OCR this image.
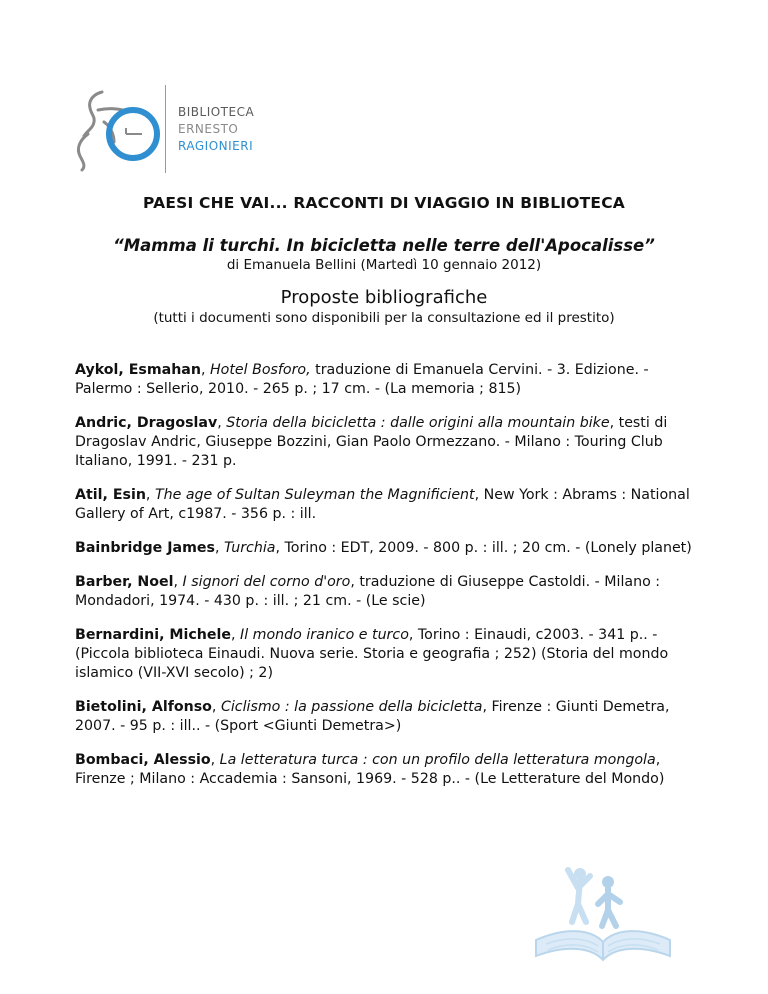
BIBLIOTECA
ERNESTO
RAGIONIERI
PAESI CHE VAI... RACCONTI DI VIAGGIO IN BIBLIOTECA
“Mamma li turchi. In bicicletta nelle terre dell'Apocalisse”
di Emanuela Bellini (Martedì 10 gennaio 2012)
Proposte bibliografiche
(tutti i documenti sono disponibili per la consultazione ed il prestito)

Aykol, Esmahan, Hotel Bosforo, traduzione di Emanuela Cervini. - 3. Edizione. - Palermo : Sellerio, 2010. - 265 p. ; 17 cm. - (La memoria ; 815)

Andric, Dragoslav, Storia della bicicletta : dalle origini alla mountain bike, testi di Dragoslav Andric, Giuseppe Bozzini, Gian Paolo Ormezzano. - Milano : Touring Club Italiano, 1991. - 231 p.

Atil, Esin, The age of Sultan Suleyman the Magnificient, New York : Abrams : National Gallery of Art, c1987. - 356 p. : ill.

Bainbridge James, Turchia, Torino : EDT, 2009. - 800 p. : ill. ; 20 cm. - (Lonely planet)

Barber, Noel, I signori del corno d'oro, traduzione di Giuseppe Castoldi. - Milano : Mondadori, 1974. - 430 p. : ill. ; 21 cm. - (Le scie)

Bernardini, Michele, Il mondo iranico e turco, Torino : Einaudi, c2003. - 341 p.. - (Piccola biblioteca Einaudi. Nuova serie. Storia e geografia ; 252) (Storia del mondo islamico (VII-XVI secolo) ; 2)

Bietolini, Alfonso, Ciclismo : la passione della bicicletta, Firenze : Giunti Demetra, 2007. - 95 p. : ill.. - (Sport <Giunti Demetra>)

Bombaci, Alessio, La letteratura turca : con un profilo della letteratura mongola, Firenze ; Milano : Accademia : Sansoni, 1969. - 528 p.. - (Le Letterature del Mondo)
